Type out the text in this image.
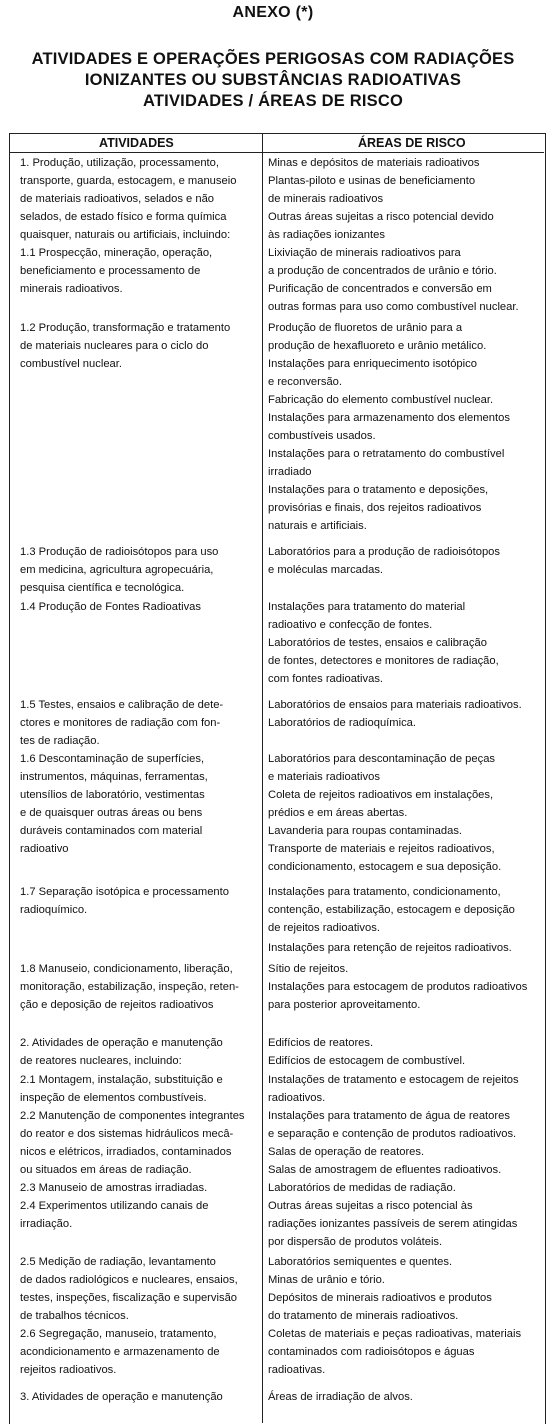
ANEXO (*)
ATIVIDADES E OPERAÇÕES PERIGOSAS COM RADIAÇÕES
IONIZANTES OU SUBSTÂNCIAS RADIOATIVAS
ATIVIDADES / ÁREAS DE RISCO
ATIVIDADES	ÁREAS DE RISCO
1. Produção, utilização, processamento,
transporte, guarda, estocagem, e manuseio
de materiais radioativos, selados e não
selados, de estado físico e forma química
quaisquer, naturais ou artificiais, incluindo:
1.1 Prospecção, mineração, operação,
beneficiamento e processamento de
minerais radioativos.
1.2 Produção, transformação e tratamento
de materiais nucleares para o ciclo do
combustível nuclear.
1.3 Produção de radioisótopos para uso
em medicina, agricultura agropecuária,
pesquisa científica e tecnológica.
1.4 Produção de Fontes Radioativas
1.5 Testes, ensaios e calibração de dete-
ctores e monitores de radiação com fon-
tes de radiação.
1.6 Descontaminação de superfícies,
instrumentos, máquinas, ferramentas,
utensílios de laboratório, vestimentas
e de quaisquer outras áreas ou bens
duráveis contaminados com material
radioativo
1.7 Separação isotópica e processamento
radioquímico.
1.8 Manuseio, condicionamento, liberação,
monitoração, estabilização, inspeção, reten-
ção e deposição de rejeitos radioativos
2. Atividades de operação e manutenção
de reatores nucleares, incluindo:
2.1 Montagem, instalação, substituição e
inspeção de elementos combustíveis.
2.2 Manutenção de componentes integrantes
do reator e dos sistemas hidráulicos mecâ-
nicos e elétricos, irradiados, contaminados
ou situados em áreas de radiação.
2.3 Manuseio de amostras irradiadas.
2.4 Experimentos utilizando canais de
irradiação.
2.5 Medição de radiação, levantamento
de dados radiológicos e nucleares, ensaios,
testes, inspeções, fiscalização e supervisão
de trabalhos técnicos.
2.6 Segregação, manuseio, tratamento,
acondicionamento e armazenamento de
rejeitos radioativos.
3. Atividades de operação e manutenção
Minas e depósitos de materiais radioativos
Plantas-piloto e usinas de beneficiamento
de minerais radioativos
Outras áreas sujeitas a risco potencial devido
às radiações ionizantes
Lixiviação de minerais radioativos para
a produção de concentrados de urânio e tório.
Purificação de concentrados e conversão em
outras formas para uso como combustível nuclear.
Produção de fluoretos de urânio para a
produção de hexafluoreto e urânio metálico.
Instalações para enriquecimento isotópico
e reconversão.
Fabricação do elemento combustível nuclear.
Instalações para armazenamento dos elementos
combustíveis usados.
Instalações para o retratamento do combustível
irradiado
Instalações para o tratamento e deposições,
provisórias e finais, dos rejeitos radioativos
naturais e artificiais.
Laboratórios para a produção de radioisótopos
e moléculas marcadas.
Instalações para tratamento do material
radioativo e confecção de fontes.
Laboratórios de testes, ensaios e calibração
de fontes, detectores e monitores de radiação,
com fontes radioativas.
Laboratórios de ensaios para materiais radioativos.
Laboratórios de radioquímica.
Laboratórios para descontaminação de peças
e materiais radioativos
Coleta de rejeitos radioativos em instalações,
prédios e em áreas abertas.
Lavanderia para roupas contaminadas.
Transporte de materiais e rejeitos radioativos,
condicionamento, estocagem e sua deposição.
Instalações para tratamento, condicionamento,
contenção, estabilização, estocagem e deposição
de rejeitos radioativos.
Instalações para retenção de rejeitos radioativos.
Sítio de rejeitos.
Instalações para estocagem de produtos radioativos
para posterior aproveitamento.
Edifícios de reatores.
Edifícios de estocagem de combustível.
Instalações de tratamento e estocagem de rejeitos
radioativos.
Instalações para tratamento de água de reatores
e separação e contenção de produtos radioativos.
Salas de operação de reatores.
Salas de amostragem de efluentes radioativos.
Laboratórios de medidas de radiação.
Outras áreas sujeitas a risco potencial às
radiações ionizantes passíveis de serem atingidas
por dispersão de produtos voláteis.
Laboratórios semiquentes e quentes.
Minas de urânio e tório.
Depósitos de minerais radioativos e produtos
do tratamento de minerais radioativos.
Coletas de materiais e peças radioativas, materiais
contaminados com radioisótopos e águas
radioativas.
Áreas de irradiação de alvos.
